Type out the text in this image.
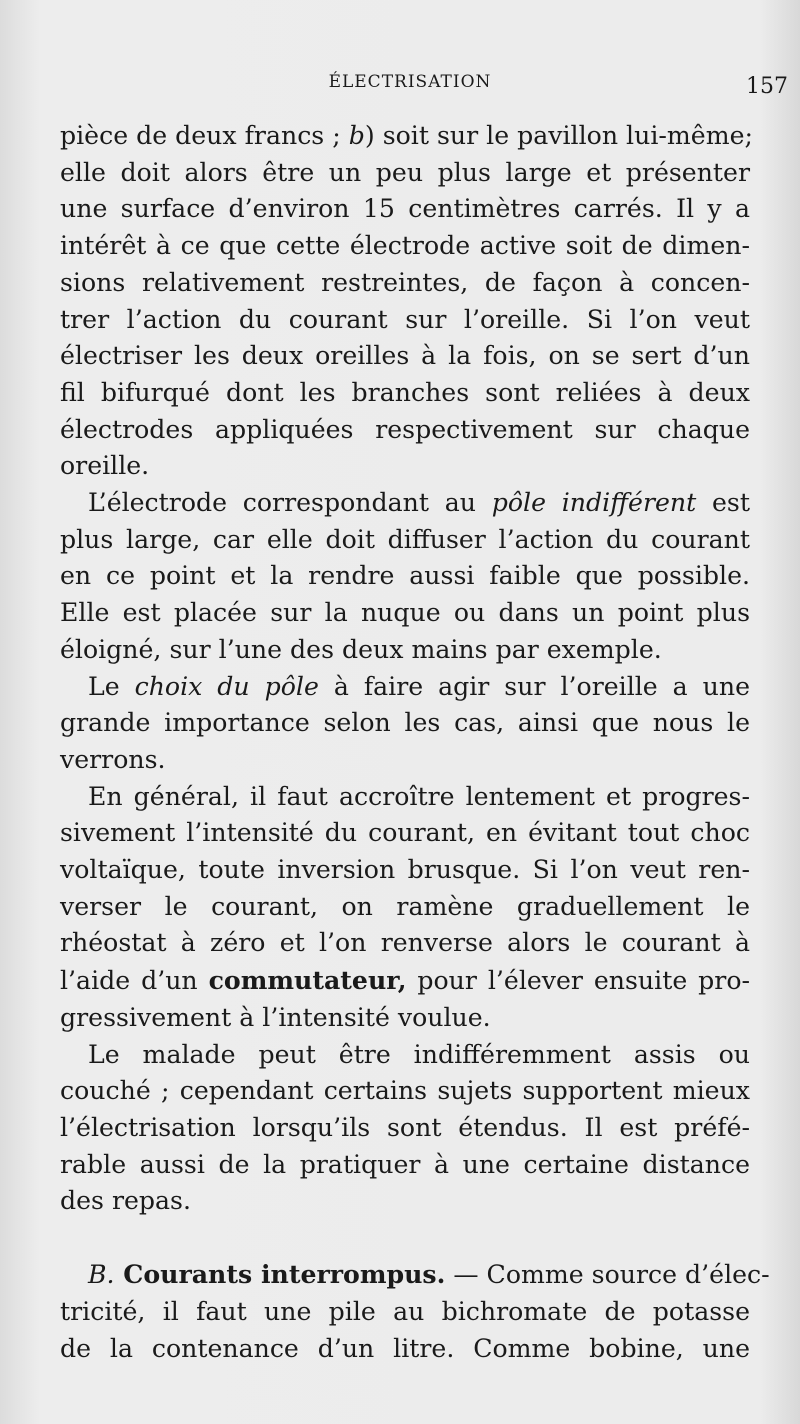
ÉLECTRISATION	157

pièce de deux francs ; b) soit sur le pavillon lui-même;
elle doit alors être un peu plus large et présenter
une surface d’environ 15 centimètres carrés. Il y a
intérêt à ce que cette électrode active soit de dimen-
sions relativement restreintes, de façon à concen-
trer l’action du courant sur l’oreille. Si l’on veut
électriser les deux oreilles à la fois, on se sert d’un
fil bifurqué dont les branches sont reliées à deux
électrodes appliquées respectivement sur chaque
oreille.

L’électrode correspondant au pôle indifférent est
plus large, car elle doit diffuser l’action du courant
en ce point et la rendre aussi faible que possible.
Elle est placée sur la nuque ou dans un point plus
éloigné, sur l’une des deux mains par exemple.

Le choix du pôle à faire agir sur l’oreille a une
grande importance selon les cas, ainsi que nous le
verrons.

En général, il faut accroître lentement et progres-
sivement l’intensité du courant, en évitant tout choc
voltaïque, toute inversion brusque. Si l’on veut ren-
verser le courant, on ramène graduellement le
rhéostat à zéro et l’on renverse alors le courant à
l’aide d’un commutateur, pour l’élever ensuite pro-
gressivement à l’intensité voulue.

Le malade peut être indifféremment assis ou
couché ; cependant certains sujets supportent mieux
l’électrisation lorsqu’ils sont étendus. Il est préfé-
rable aussi de la pratiquer à une certaine distance
des repas.

B. Courants interrompus. — Comme source d’élec-
tricité, il faut une pile au bichromate de potasse
de la contenance d’un litre. Comme bobine, une
